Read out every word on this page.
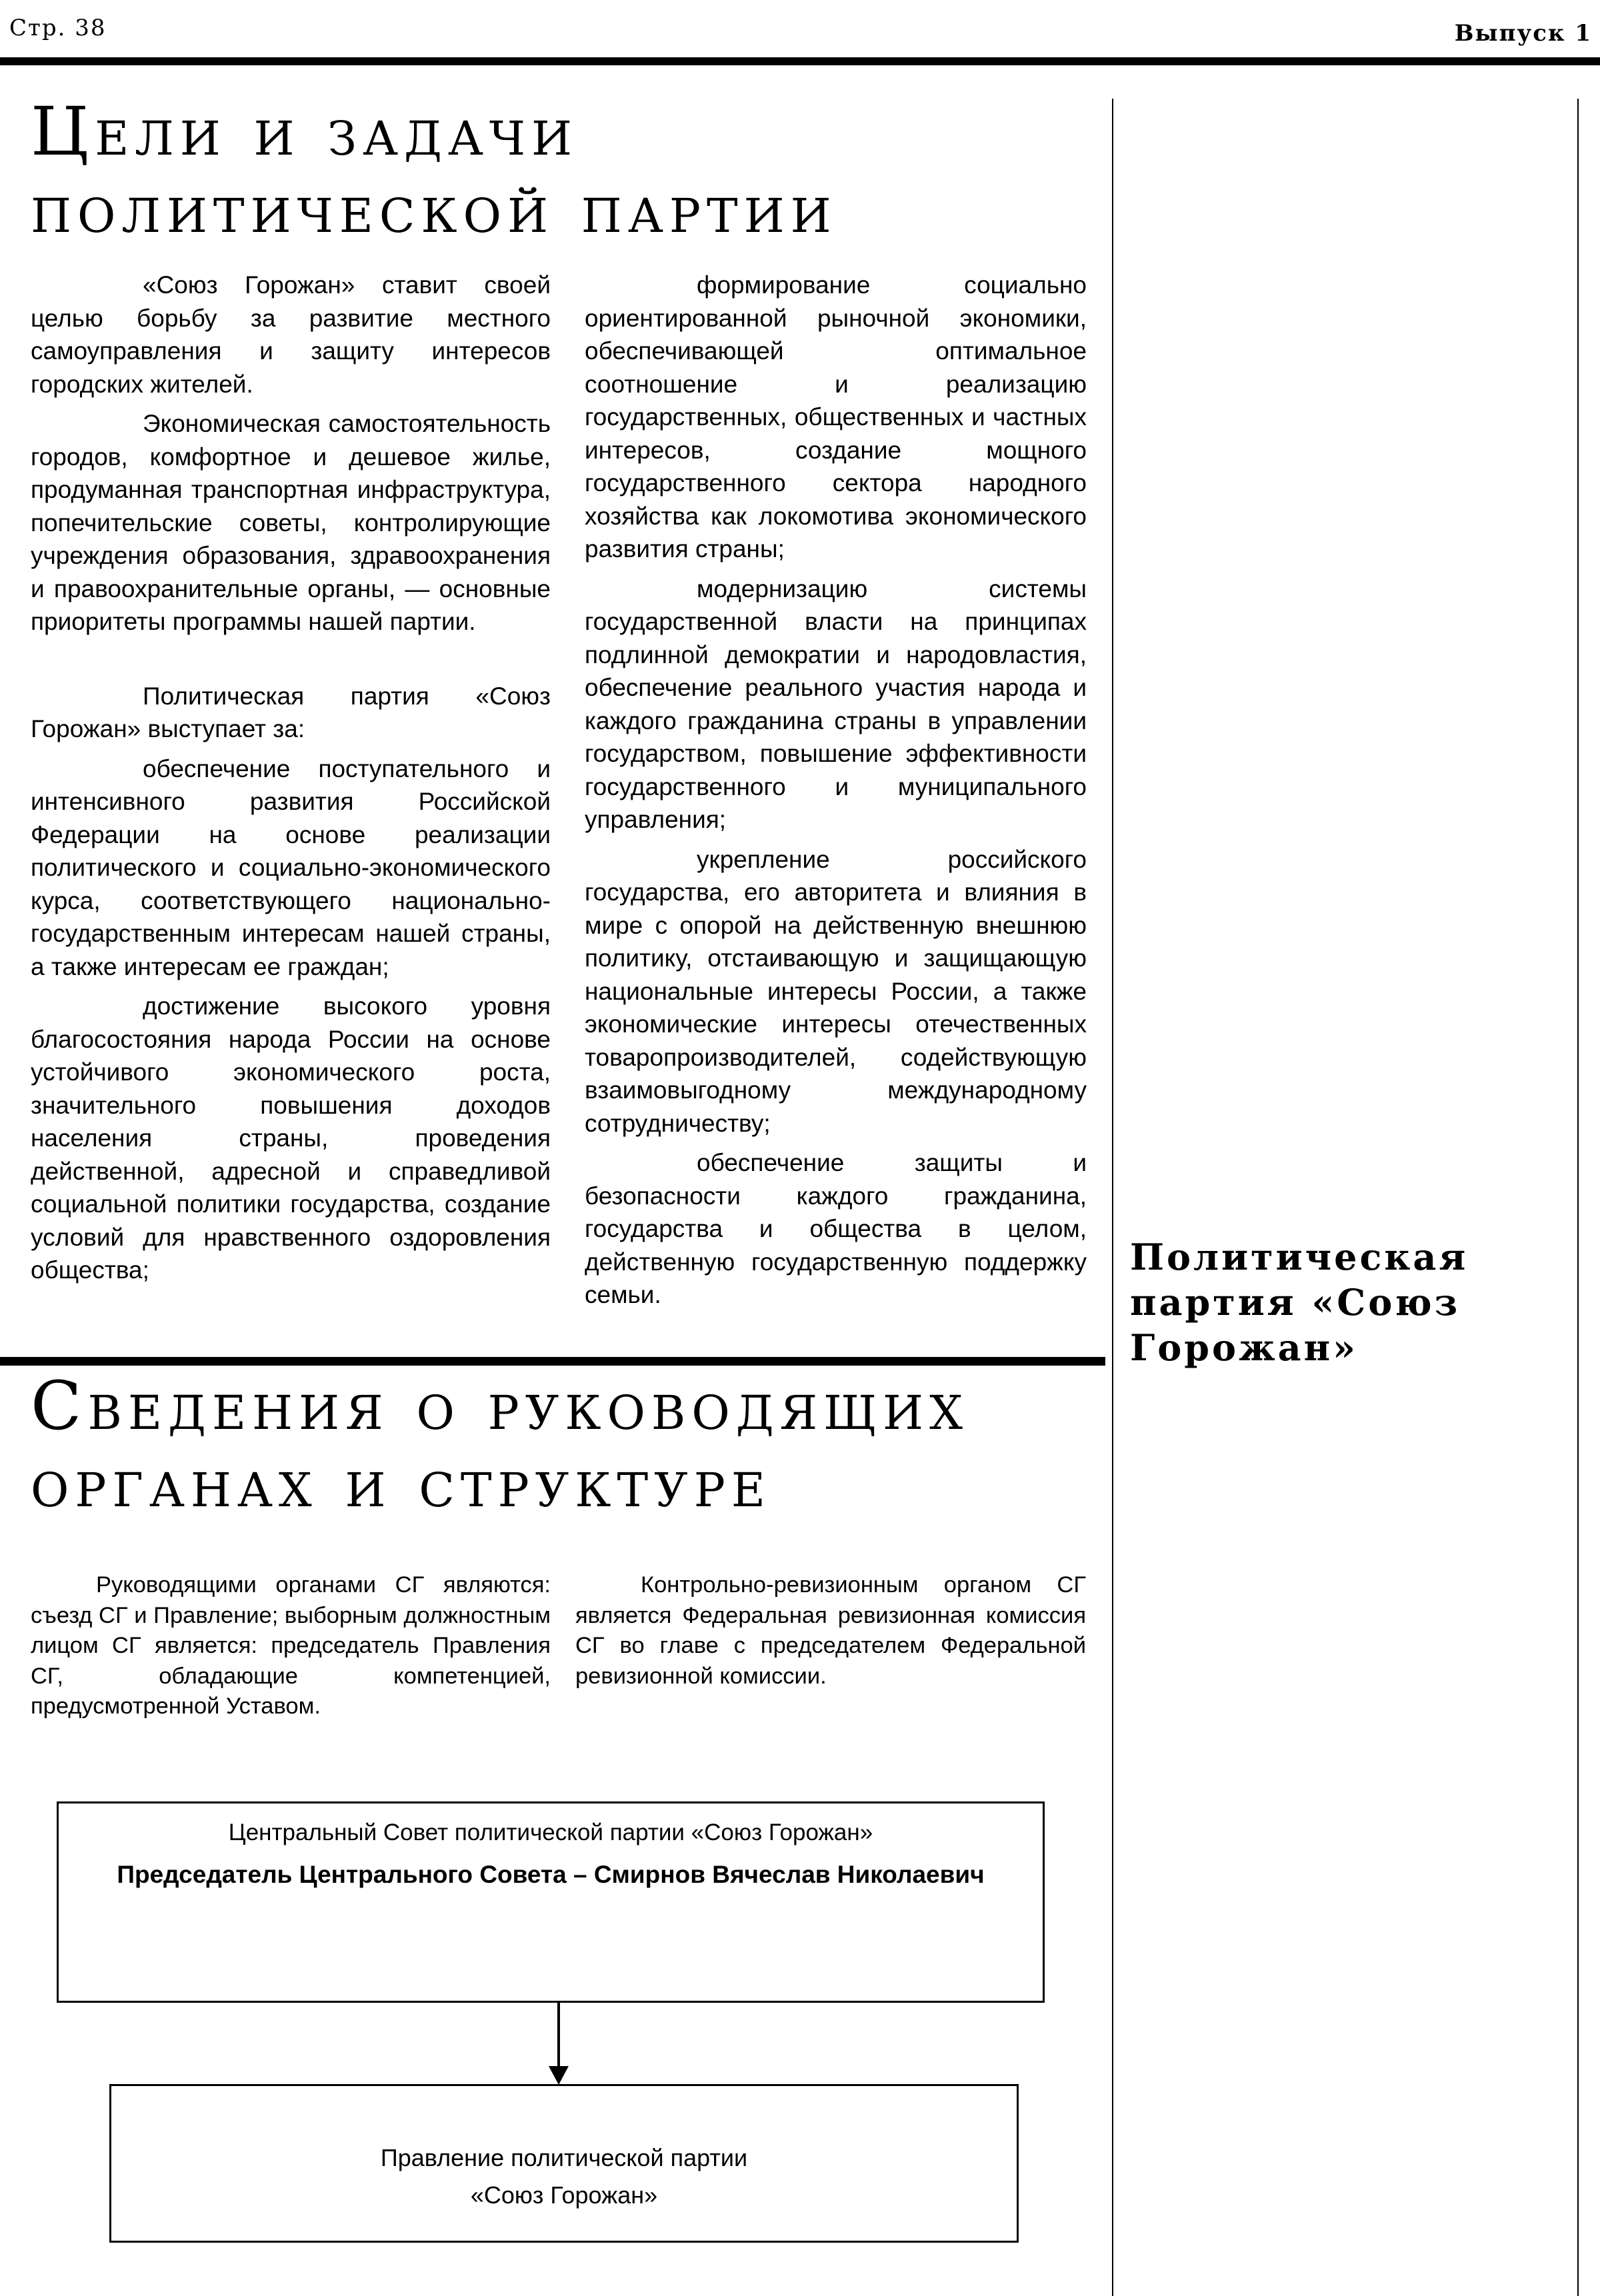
Стр. 38	Выпуск 1
Цели и задачи
политической партии

«Союз Горожан» ставит своей целью борьбу за развитие местного самоуправления и защиту интересов городских жителей.

Экономическая самостоятельность городов, комфортное и дешевое жилье, продуманная транспортная инфраструктура, попечительские советы, контролирующие учреждения образования, здравоохранения и правоохранительные органы, — основные приоритеты программы нашей партии.

Политическая партия «Союз Горожан» выступает за:

обеспечение поступательного и интенсивного развития Российской Федерации на основе реализации политического и социально-экономического курса, соответствующего национально-государственным интересам нашей страны, а также интересам ее граждан;

достижение высокого уровня благосостояния народа России на основе устойчивого экономического роста, значительного повышения доходов населения страны, проведения действенной, адресной и справедливой социальной политики государства, создание условий для нравственного оздоровления общества;

формирование социально ориентированной рыночной экономики, обеспечивающей оптимальное соотношение и реализацию государственных, общественных и частных интересов, создание мощного государственного сектора народного хозяйства как локомотива экономического развития страны;

модернизацию системы государственной власти на принципах подлинной демократии и народовластия, обеспечение реального участия народа и каждого гражданина страны в управлении государством, повышение эффективности государственного и муниципального управления;

укрепление российского государства, его авторитета и влияния в мире с опорой на действенную внешнюю политику, отстаивающую и защищающую национальные интересы России, а также экономические интересы отечественных товаропроизводителей, содействующую взаимовыгодному международному сотрудничеству;

обеспечение защиты и безопасности каждого гражданина, государства и общества в целом, действенную государственную поддержку семьи.

Сведения о руководящих
органах и структуре

Руководящими органами СГ являются: съезд СГ и Правление; выборным должностным лицом СГ является: председатель Правления СГ, обладающие компетенцией, предусмотренной Уставом.

Контрольно-ревизионным органом СГ является Федеральная ревизионная комиссия СГ во главе с председателем Федеральной ревизионной комиссии.

Политическая партия «Союз Горожан»
Центральный Совет политической партии «Союз Горожан»
Председатель Центрального Совета – Смирнов Вячеслав Николаевич
Правление политической партии
«Союз Горожан»
